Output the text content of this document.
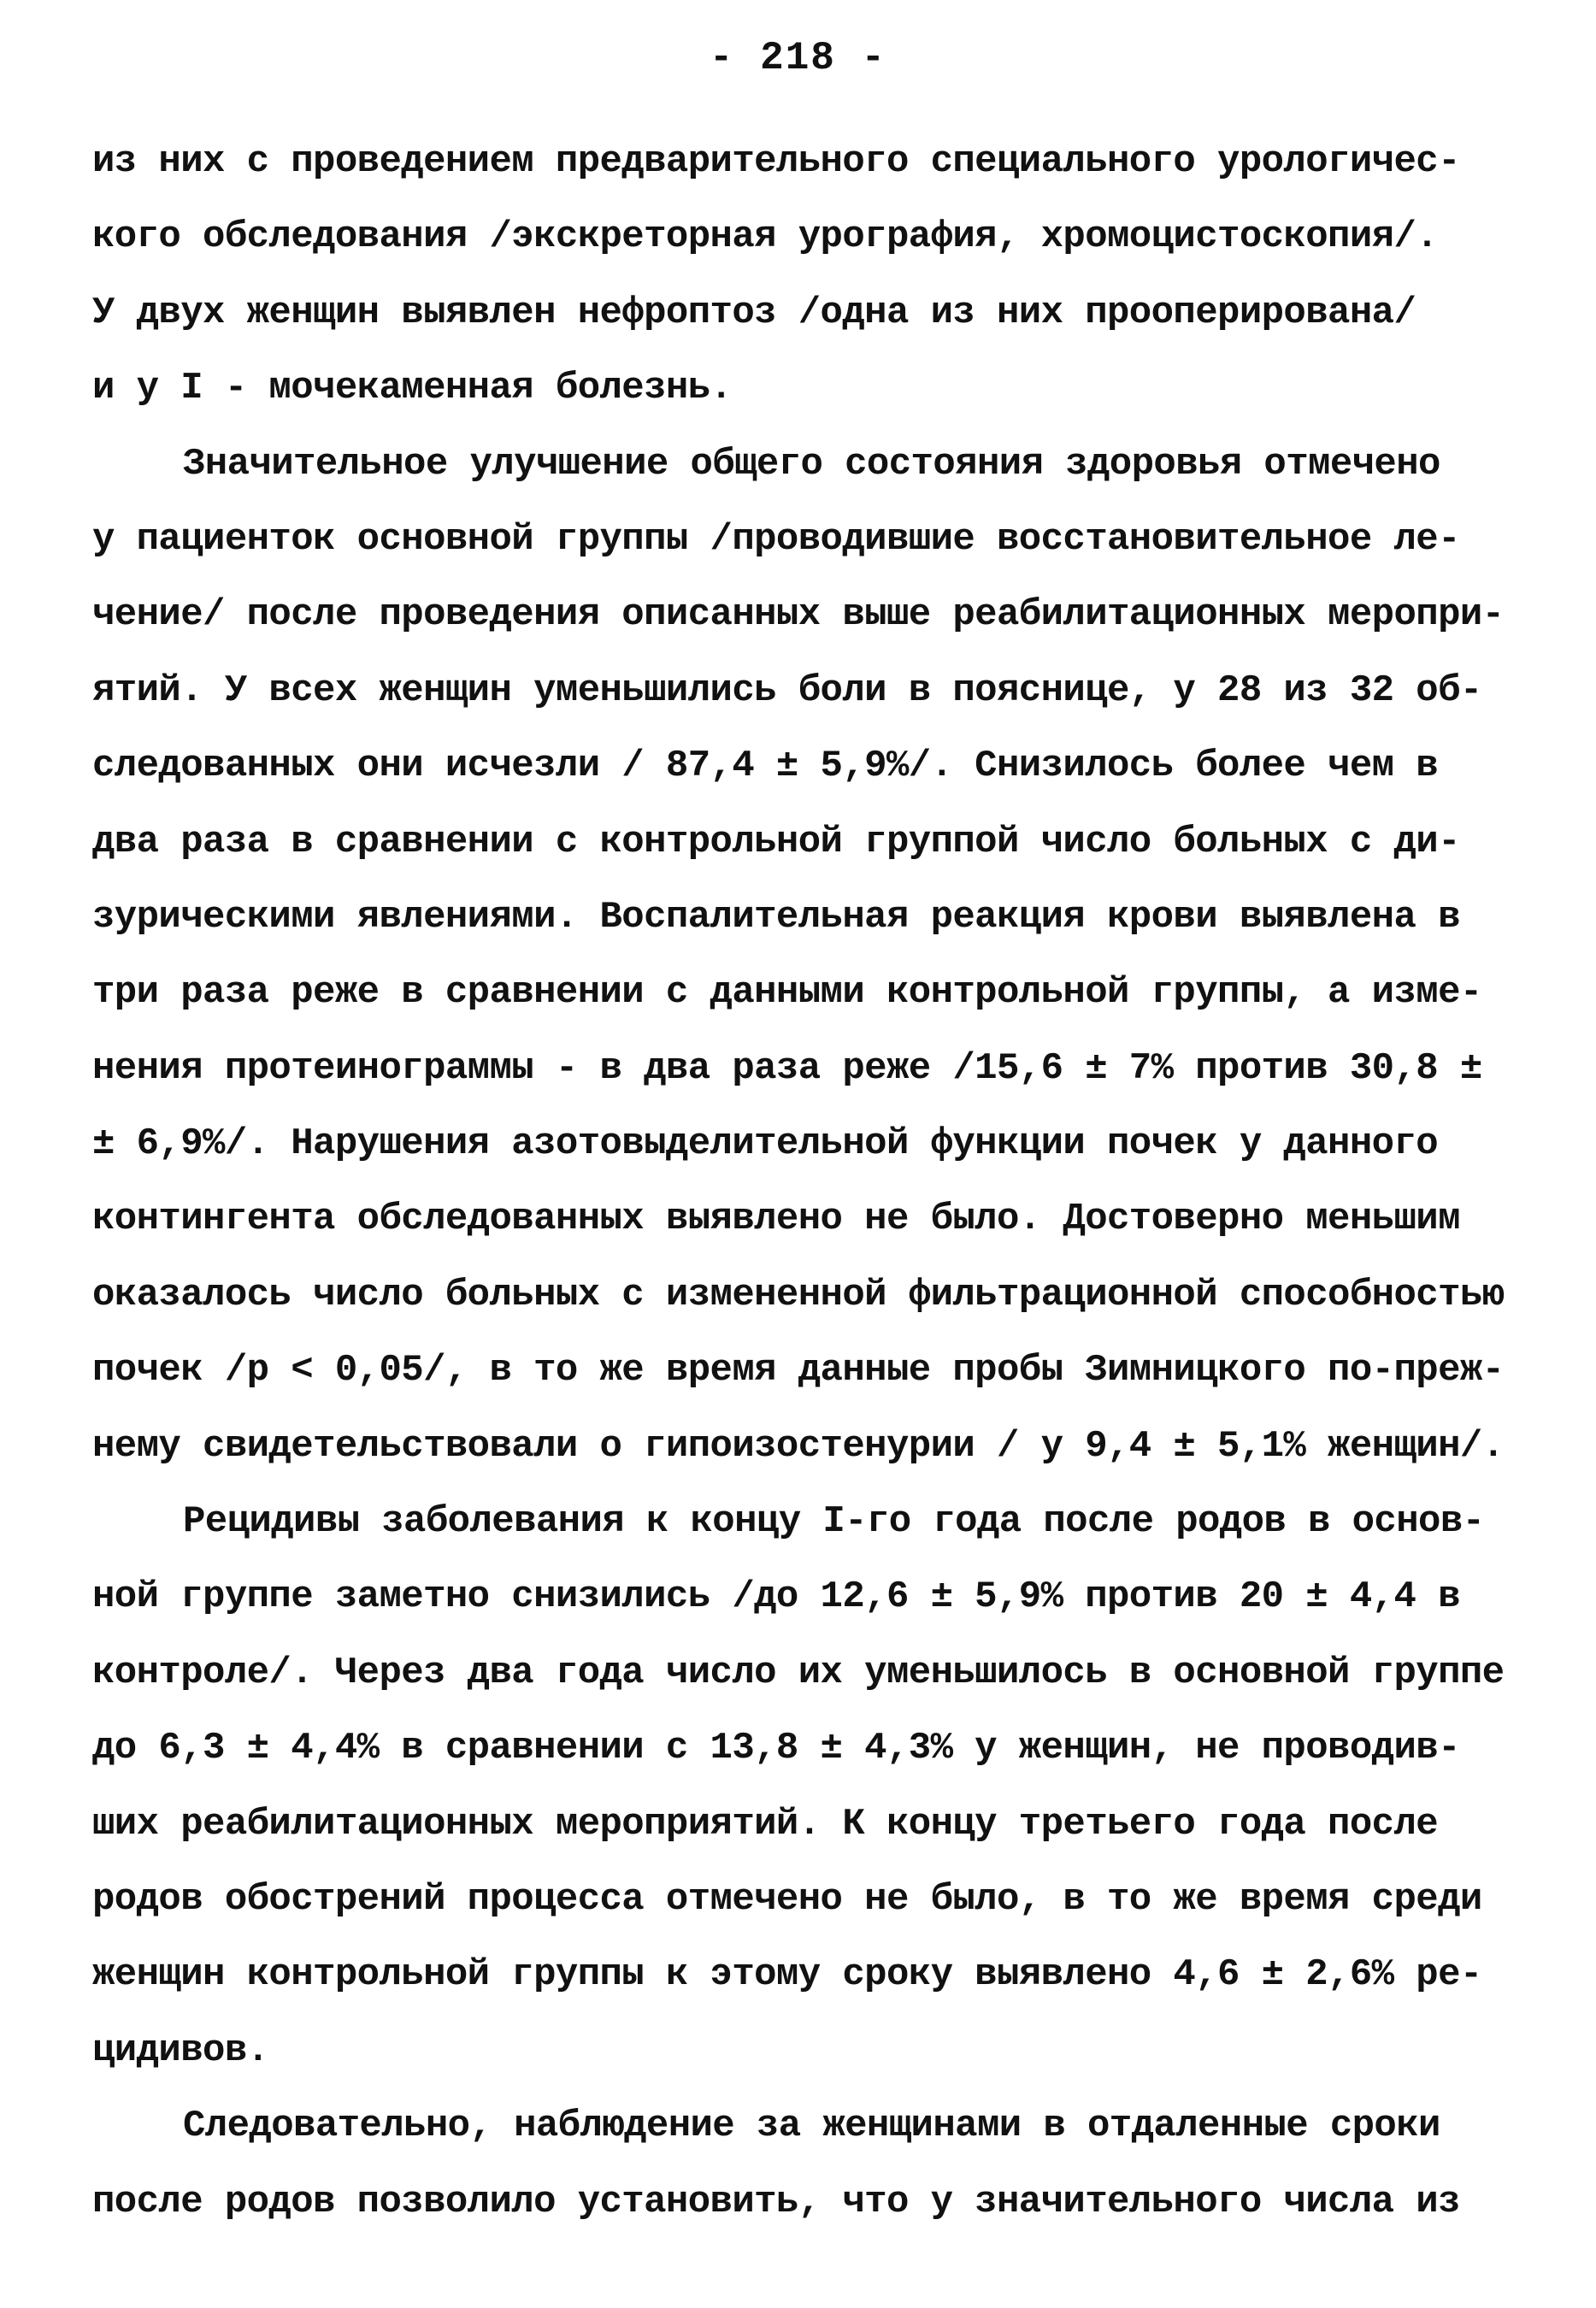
- 218 -
из них с проведением предварительного специального урологичес-
кого обследования /экскреторная урография, хромоцистоскопия/.
У двух женщин выявлен нефроптоз /одна из них прооперирована/
и у I - мочекаменная болезнь.
Значительное улучшение общего состояния здоровья отмечено
у пациенток основной группы /проводившие восстановительное ле-
чение/ после проведения описанных выше реабилитационных меропри-
ятий. У всех женщин уменьшились боли в пояснице, у 28 из 32 об-
следованных они исчезли / 87,4 ± 5,9%/. Снизилось более чем в
два раза в сравнении с контрольной группой число больных с ди-
зурическими явлениями. Воспалительная реакция крови выявлена в
три раза реже в сравнении с данными контрольной группы, а изме-
нения протеинограммы - в два раза реже /15,6 ± 7% против 30,8 ±
± 6,9%/. Нарушения азотовыделительной функции почек у данного
контингента обследованных выявлено не было. Достоверно меньшим
оказалось число больных с измененной фильтрационной способностью
почек /p < 0,05/, в то же время данные пробы Зимницкого по-преж-
нему свидетельствовали о гипоизостенурии / у 9,4 ± 5,1% женщин/.
Рецидивы заболевания к концу I-го года после родов в основ-
ной группе заметно снизились /до 12,6 ± 5,9% против 20 ± 4,4 в
контроле/. Через два года число их уменьшилось в основной группе
до 6,3 ± 4,4% в сравнении с 13,8 ± 4,3% у женщин, не проводив-
ших реабилитационных мероприятий. К концу третьего года после
родов обострений процесса отмечено не было, в то же время среди
женщин контрольной группы к этому сроку выявлено 4,6 ± 2,6% ре-
цидивов.
Следовательно, наблюдение за женщинами в отдаленные сроки
после родов позволило установить, что у значительного числа из
